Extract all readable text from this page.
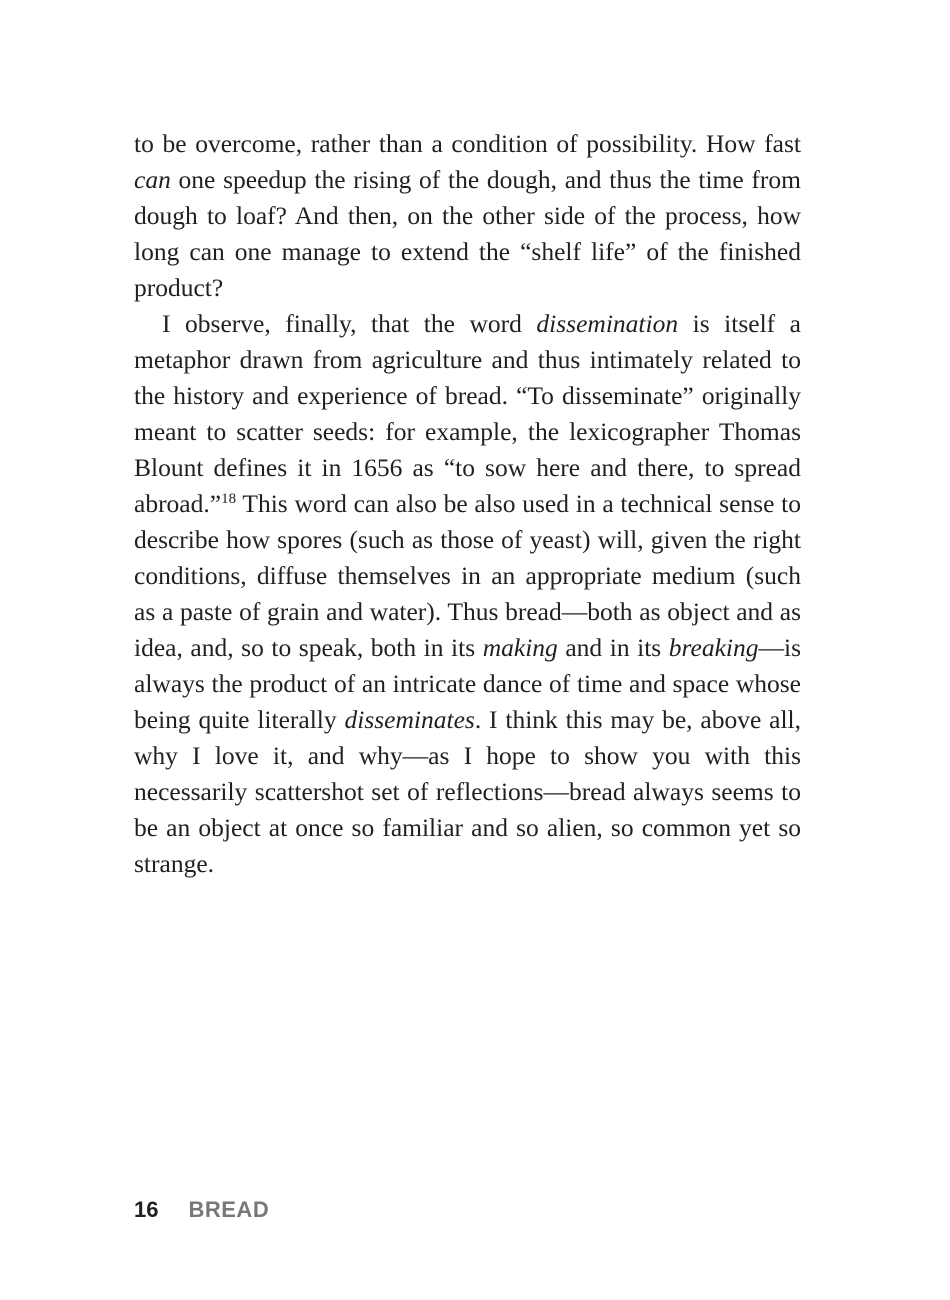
to be overcome, rather than a condition of possibility. How fast can one speedup the rising of the dough, and thus the time from dough to loaf? And then, on the other side of the process, how long can one manage to extend the “shelf life” of the finished product?

I observe, finally, that the word dissemination is itself a metaphor drawn from agriculture and thus intimately related to the history and experience of bread. “To disseminate” originally meant to scatter seeds: for example, the lexicographer Thomas Blount defines it in 1656 as “to sow here and there, to spread abroad.”$^{18}$ This word can also be also used in a technical sense to describe how spores (such as those of yeast) will, given the right conditions, diffuse themselves in an appropriate medium (such as a paste of grain and water). Thus bread—both as object and as idea, and, so to speak, both in its making and in its breaking—is always the product of an intricate dance of time and space whose being quite literally disseminates. I think this may be, above all, why I love it, and why—as I hope to show you with this necessarily scattershot set of reflections—bread always seems to be an object at once so familiar and so alien, so common yet so strange.

16 BREAD
